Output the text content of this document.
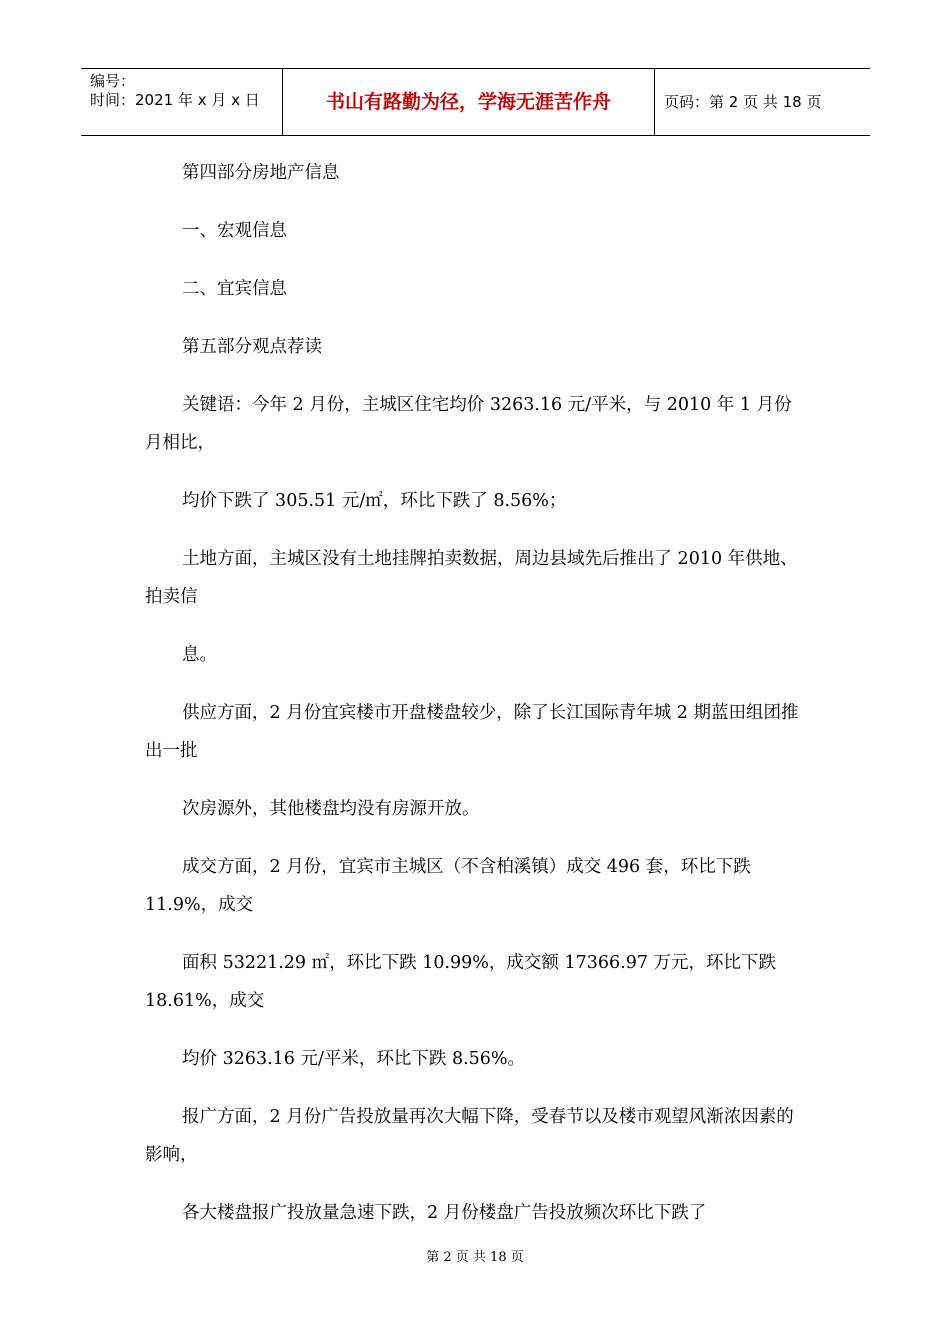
编号：
时间：2021 年 x 月 x 日	书山有路勤为径，学海无涯苦作舟	页码：第 2 页 共 18 页

第四部分房地产信息

一、宏观信息

二、宜宾信息

第五部分观点荐读

关键语：今年 2 月份，主城区住宅均价 3263.16 元/平米，与 2010 年 1 月份月相比，

均价下跌了 305.51 元/㎡，环比下跌了 8.56%；

土地方面，主城区没有土地挂牌拍卖数据，周边县域先后推出了 2010 年供地、拍卖信

息。

供应方面，2 月份宜宾楼市开盘楼盘较少，除了长江国际青年城 2 期蓝田组团推出一批

次房源外，其他楼盘均没有房源开放。

成交方面，2 月份，宜宾市主城区（不含柏溪镇）成交 496 套，环比下跌 11.9%，成交

面积 53221.29 ㎡，环比下跌 10.99%，成交额 17366.97 万元，环比下跌 18.61%，成交

均价 3263.16 元/平米，环比下跌 8.56%。

报广方面，2 月份广告投放量再次大幅下降，受春节以及楼市观望风渐浓因素的影响，

各大楼盘报广投放量急速下跌，2 月份楼盘广告投放频次环比下跌了

第 2 页 共 18 页
